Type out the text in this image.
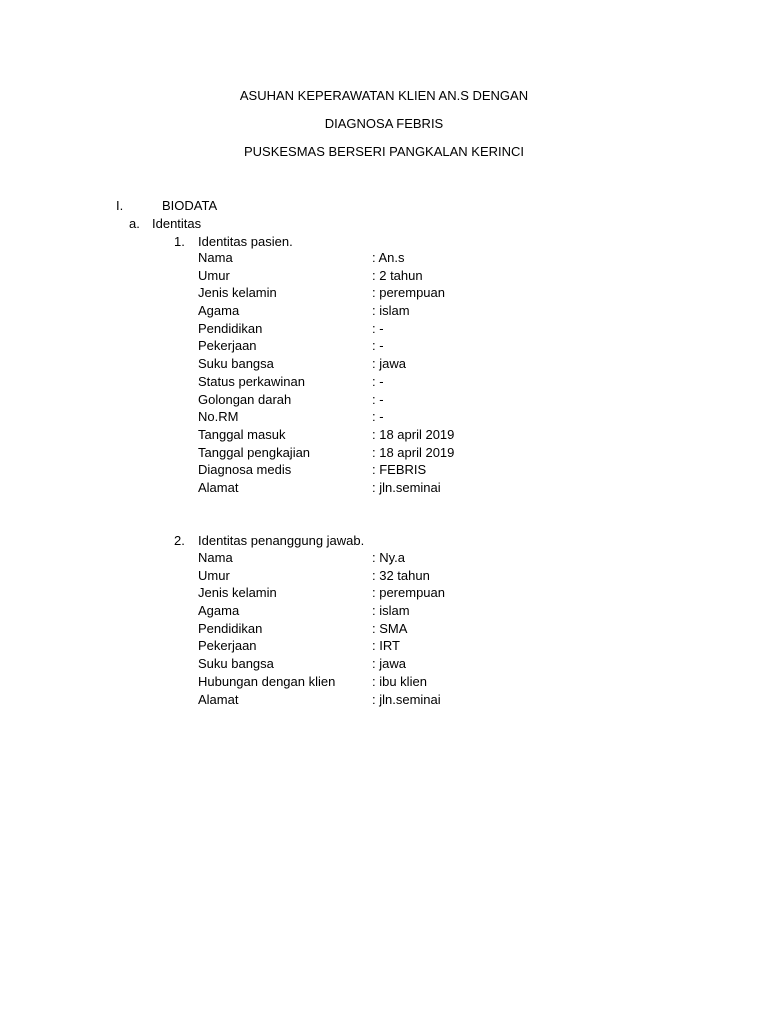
ASUHAN KEPERAWATAN KLIEN AN.S DENGAN
DIAGNOSA FEBRIS
PUSKESMAS BERSERI PANGKALAN KERINCI
I.	BIODATA
a. Identitas
1. Identitas pasien.
Nama	: An.s
Umur	: 2 tahun
Jenis kelamin	: perempuan
Agama	: islam
Pendidikan	: -
Pekerjaan	: -
Suku bangsa	: jawa
Status perkawinan	: -
Golongan darah	: -
No.RM	: -
Tanggal masuk	: 18 april 2019
Tanggal pengkajian	: 18 april 2019
Diagnosa medis	: FEBRIS
Alamat	: jln.seminai
2. Identitas penanggung jawab.
Nama	: Ny.a
Umur	: 32 tahun
Jenis kelamin	: perempuan
Agama	: islam
Pendidikan	: SMA
Pekerjaan	: IRT
Suku bangsa	: jawa
Hubungan dengan klien	: ibu klien
Alamat	: jln.seminai
